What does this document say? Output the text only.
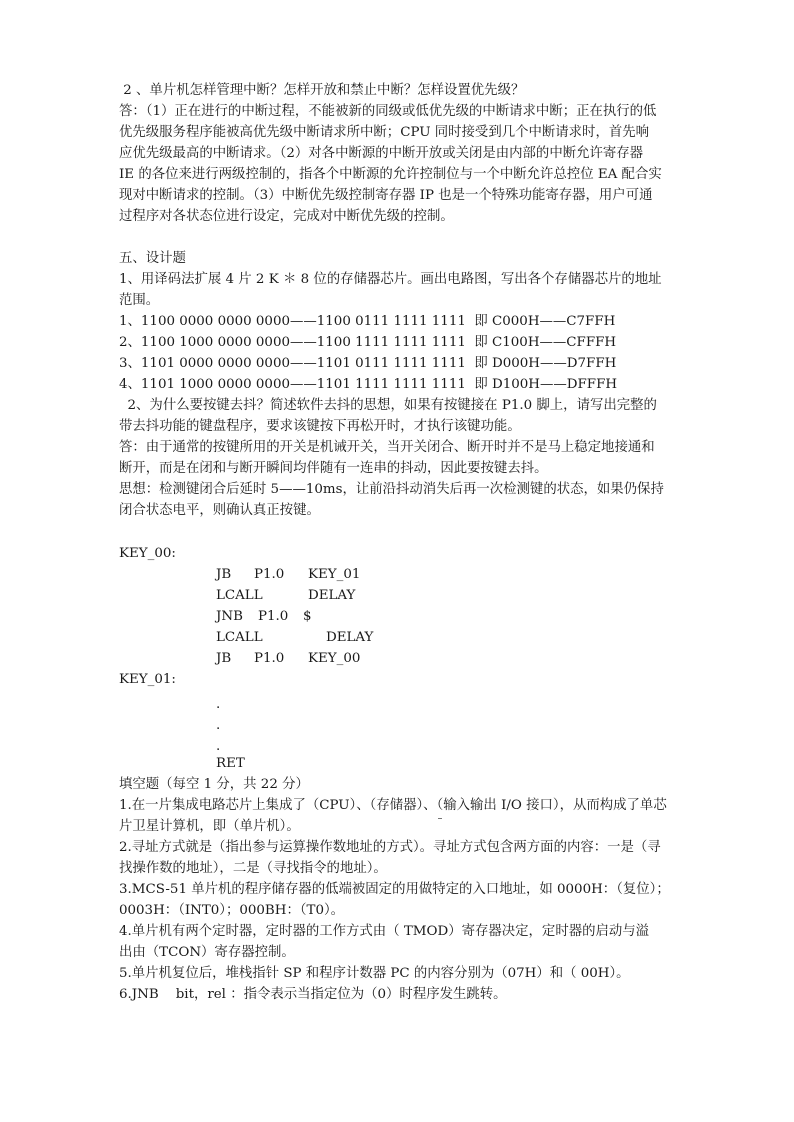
2 、单片机怎样管理中断？怎样开放和禁止中断？怎样设置优先级？
答：（1）正在进行的中断过程，不能被新的同级或低优先级的中断请求中断；正在执行的低
优先级服务程序能被高优先级中断请求所中断；CPU 同时接受到几个中断请求时，首先响
应优先级最高的中断请求。（2）对各中断源的中断开放或关闭是由内部的中断允许寄存器
IE 的各位来进行两级控制的，指各个中断源的允许控制位与一个中断允许总控位 EA 配合实
现对中断请求的控制。（3）中断优先级控制寄存器 IP 也是一个特殊功能寄存器，用户可通
过程序对各状态位进行设定，完成对中断优先级的控制。
五、设计题
1、用译码法扩展 4 片 2 K ＊ 8 位的存储器芯片。画出电路图，写出各个存储器芯片的地址
范围。
1、1100 0000 0000 0000——1100 0111 1111 1111  即 C000H——C7FFH
2、1100 1000 0000 0000——1100 1111 1111 1111  即 C100H——CFFFH
3、1101 0000 0000 0000——1101 0111 1111 1111  即 D000H——D7FFH
4、1101 1000 0000 0000——1101 1111 1111 1111  即 D100H——DFFFH
2、为什么要按键去抖？简述软件去抖的思想，如果有按键接在 P1.0 脚上，请写出完整的
带去抖功能的键盘程序，要求该键按下再松开时，才执行该键功能。
答：由于通常的按键所用的开关是机诫开关，当开关闭合、断开时并不是马上稳定地接通和
断开，而是在闭和与断开瞬间均伴随有一连串的抖动，因此要按键去抖。
思想：检测键闭合后延时 5——10ms，让前沿抖动消失后再一次检测键的状态，如果仍保持
闭合状态电平，则确认真正按键。
KEY_00:
JB P1.0 KEY_01
LCALL	DELAY
JNB P1.0 $
LCALL	DELAY
JB P1.0 KEY_00
KEY_01:
.
.
.
RET
填空题（每空 1 分，共 22 分）
1.在一片集成电路芯片上集成了（CPU）、（存储器）、（输入输出 I/O 接口），从而构成了单芯
片卫星计算机，即（单片机）。
2.寻址方式就是（指出参与运算操作数地址的方式）。寻址方式包含两方面的内容：一是（寻
找操作数的地址），二是（寻找指令的地址）。
3.MCS-51 单片机的程序储存器的低端被固定的用做特定的入口地址，如 0000H：（复位）；
0003H：（INT0）；000BH：（T0）。
4.单片机有两个定时器，定时器的工作方式由（ TMOD）寄存器决定，定时器的启动与溢
出由（TCON）寄存器控制。
5.单片机复位后，堆栈指针 SP 和程序计数器 PC 的内容分别为（07H）和（ 00H）。
6.JNB    bit，rel ：指令表示当指定位为（0）时程序发生跳转。
